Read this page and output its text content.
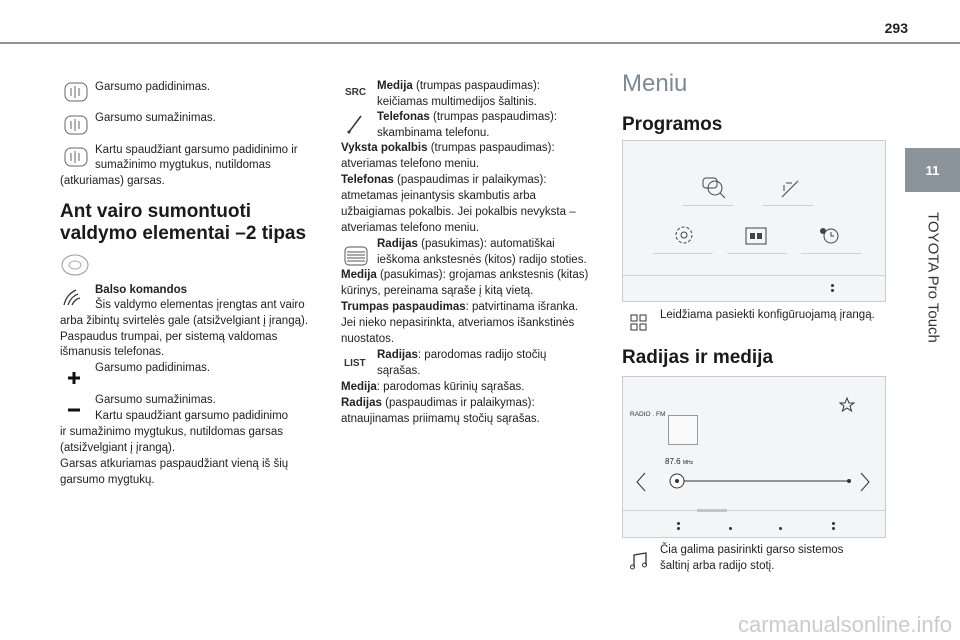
293
11
TOYOTA Pro Touch
Garsumo padidinimas.
Garsumo sumažinimas.
Kartu spaudžiant garsumo padidinimo ir
sumažinimo mygtukus, nutildomas
(atkuriamas) garsas.
Ant vairo sumontuoti
valdymo elementai –2 tipas
Balso komandos
Šis valdymo elementas įrengtas ant vairo
arba žibintų svirtelės gale (atsižvelgiant į įrangą).
Paspaudus trumpai, per sistemą valdomas
išmanusis telefonas.
Garsumo padidinimas.
Garsumo sumažinimas.
Kartu spaudžiant garsumo padidinimo
ir sumažinimo mygtukus, nutildomas garsas
(atsižvelgiant į įrangą).
Garsas atkuriamas paspaudžiant vieną iš šių
garsumo mygtukų.
SRC
Medija (trumpas paspaudimas):
keičiamas multimedijos šaltinis.
Telefonas (trumpas paspaudimas):
skambinama telefonu.
Vyksta pokalbis (trumpas paspaudimas):
atveriamas telefono meniu.
Telefonas (paspaudimas ir palaikymas):
atmetamas įeinantysis skambutis arba
užbaigiamas pokalbis. Jei pokalbis nevyksta –
atveriamas telefono meniu.
Radijas (pasukimas): automatiškai
ieškoma ankstesnės (kitos) radijo stoties.
Medija (pasukimas): grojamas ankstesnis (kitas)
kūrinys, pereinama sąraše į kitą vietą.
Trumpas paspaudimas: patvirtinama išranka.
Jei nieko nepasirinkta, atveriamos išankstinės
nuostatos.
LIST
Radijas: parodomas radijo stočių
sąrašas.
Medija: parodomas kūrinių sąrašas.
Radijas (paspaudimas ir palaikymas):
atnaujinamas priimamų stočių sąrašas.
Meniu
Programos
Leidžiama pasiekti konfigūruojamą įrangą.
Radijas ir medija
RADIO . FM
87.6 MHz
Čia galima pasirinkti garso sistemos
šaltinį arba radijo stotį.
carmanualsonline.info
